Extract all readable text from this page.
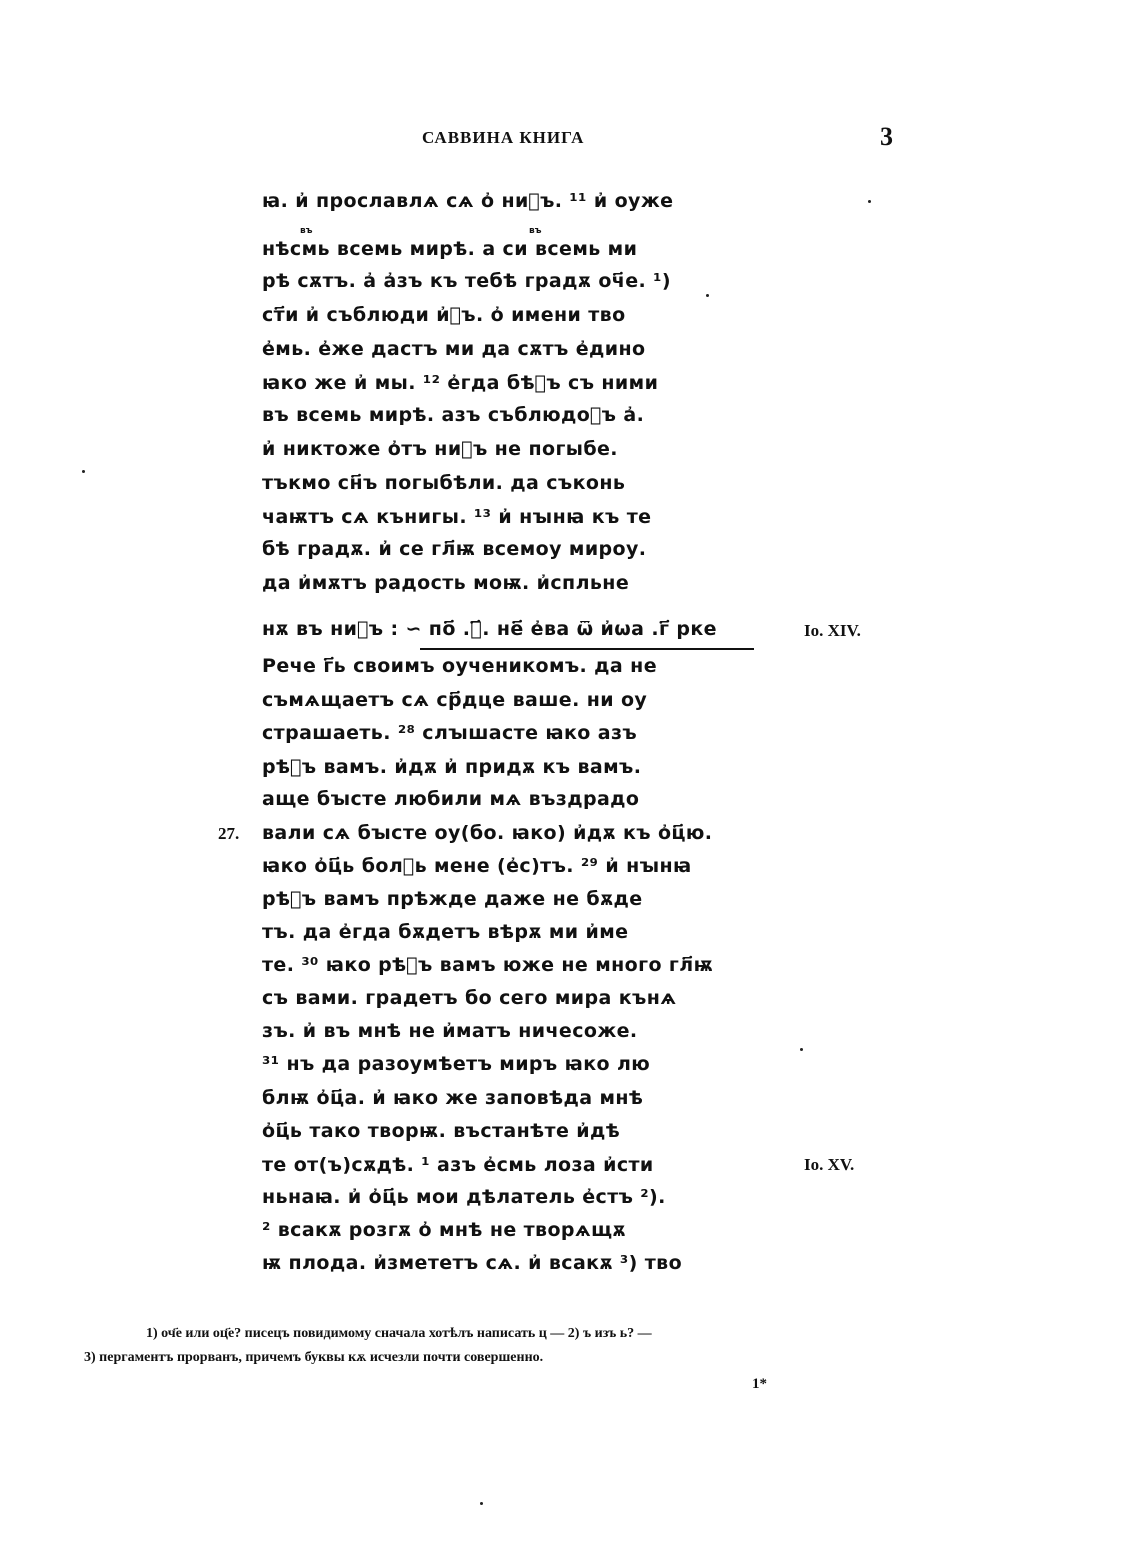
САВВИНА КНИГА	3
въ	въ
ꙗ. и҆ прославлѧ сѧ о҆ ниⷯъ. ¹¹ и҆ оуже
нѣсмь всемь мирѣ. а си всемь ми
рѣ сѫтъ. а҆ а҆зъ къ тебѣ градѫ оч҃е. ¹)
ст҃и и҆ съблюди и҆ⷯъ. о҆ имени тво
е҆мь. е҆же дастъ ми да сѫтъ е҆дино
ꙗко же и҆ мы. ¹² е҆гда бѣⷯъ съ ними
въ всемь мирѣ. азъ съблюдоⷯъ а҆.
и҆ никтоже о҆тъ ниⷯъ не погыбе.
тъкмо сн҃ъ погыбѣли. да съконь
чаѭтъ сѧ кънигы. ¹³ и҆ нꙑнꙗ къ те
бѣ градѫ. и҆ се гл҃ѭ всемоу мироу.
да и҆мѫтъ радость моѭ. и҆спльне
нѫ въ ниⷯъ : ∽ по҃ .ꙁ҃. не҃ е҆ва ѿ и҆ѡа .г҃ рке	Io. XIV.
Рече г҃ь своимъ оученикомъ. да не
съмѧщаетъ сѧ ср҃дце ваше. ни оу
страшаеть. ²⁸ слꙑшасте ꙗко азъ
рѣⷯъ вамъ. и҆дѫ и҆ придѫ къ вамъ.
аще бꙑсте любили мѧ въздрадо
27. вали сѧ бꙑсте оу(бо. ꙗко) и҆дѫ къ о҆ц҃ю.
ꙗко о҆ц҃ь бол꙼ь мене (е҆с)тъ. ²⁹ и҆ нꙑнꙗ
рѣⷯъ вамъ прѣжде даже не бѫде
тъ. да е҆гда бѫдетъ вѣрѫ ми и҆ме
те. ³⁰ ꙗко рѣⷯъ вамъ юже не много гл҃ѭ
съ вами. градетъ бо сего мира кънѧ
зъ. и҆ въ мнѣ не и҆матъ ничесоже.
³¹ нъ да разоумѣетъ миръ ꙗко лю
блѭ о҆ц҃а. и҆ ꙗко же заповѣда мнѣ
о҆ц҃ь тако творѭ. въстанѣте и҆дѣ
те от(ъ)сѫдѣ. ¹ азъ е҆смь лоза и҆сти	Io. XV.
ньнаꙗ. и҆ о҆ц҃ь мои дѣлатель е҆стъ ²).
² всакѫ розгѫ о҆ мнѣ не творѧщѫ
ѭ плода. и҆змететъ сѧ. и҆ всакѫ ³) тво
1) оч҃е или оц҃е? писецъ повидимому сначала хотѣлъ написать ц — 2) ъ изъ ь? —
3) пергаментъ прорванъ, причемъ буквы кѫ исчезли почти совершенно.
1*
